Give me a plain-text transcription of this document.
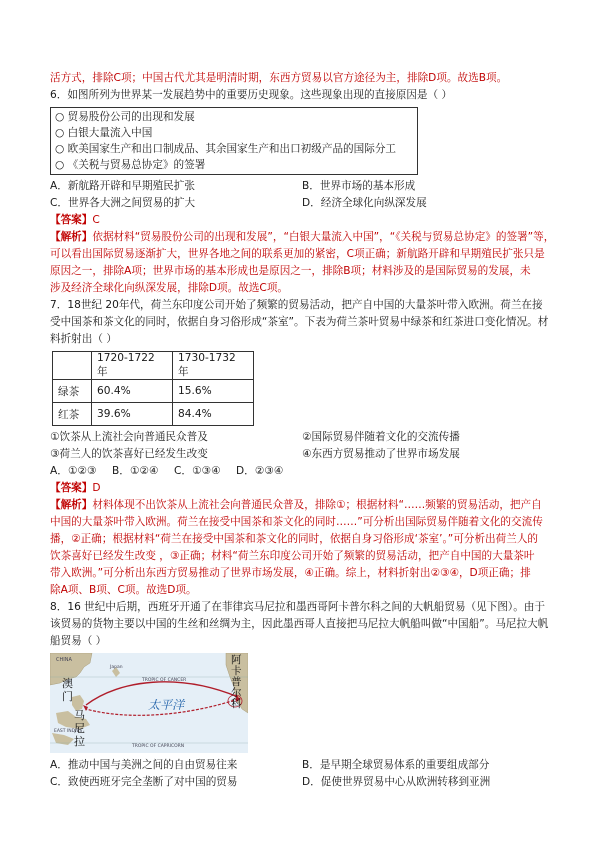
活方式，排除C项；中国古代尤其是明清时期，东西方贸易以官方途径为主，排除D项。故选B项。
6．如图所列为世界某一发展趋势中的重要历史现象。这些现象出现的直接原因是（ ）
○ 贸易股份公司的出现和发展
○ 白银大量流入中国
○ 欧美国家生产和出口制成品、其余国家生产和出口初级产品的国际分工
○ 《关税与贸易总协定》的签署
A．新航路开辟和早期殖民扩张	B．世界市场的基本形成
C．世界各大洲之间贸易的扩大	D．经济全球化向纵深发展
【答案】C
【解析】依据材料“贸易股份公司的出现和发展”，“白银大量流入中国”，“《关税与贸易总协定》的签署”等，
可以看出国际贸易逐渐扩大，世界各地之间的联系更加的紧密，C项正确；新航路开辟和早期殖民扩张只是
原因之一，排除A项；世界市场的基本形成也是原因之一，排除B项；材料涉及的是国际贸易的发展，未
涉及经济全球化向纵深发展，排除D项。故选C项。
7．18世纪 20年代，荷兰东印度公司开始了频繁的贸易活动，把产自中国的大量茶叶带入欧洲。荷兰在接
受中国茶和茶文化的同时，依据自身习俗形成“茶室”。下表为荷兰茶叶贸易中绿茶和红茶进口变化情况。材
料折射出（ ）
	1720-1722 年	1730-1732 年
绿茶	60.4%	15.6%
红茶	39.6%	84.4%
①饮茶从上流社会向普通民众普及	②国际贸易伴随着文化的交流传播
③荷兰人的饮茶喜好已经发生改变	④东西方贸易推动了世界市场发展
A．①②③ B．①②④ C．①③④ D．②③④
【答案】D
【解析】材料体现不出饮茶从上流社会向普通民众普及，排除①；根据材料“……频繁的贸易活动，把产自
中国的大量茶叶带入欧洲。荷兰在接受中国茶和茶文化的同时……”可分析出国际贸易伴随着文化的交流传
播，②正确；根据材料“荷兰在接受中国茶和茶文化的同时，依据自身习俗形成‘茶室’。”可分析出荷兰人的
饮茶喜好已经发生改变 ，③正确；材料“荷兰东印度公司开始了频繁的贸易活动，把产自中国的大量茶叶
带入欧洲。”可分析出东西方贸易推动了世界市场发展，④正确。综上，材料折射出②③④，D项正确；排
除A项、B项、C项。故选D项。
8．16 世纪中后期，西班牙开通了在菲律宾马尼拉和墨西哥阿卡普尔科之间的大帆船贸易（见下图）。由于
该贸易的货物主要以中国的生丝和丝绸为主，因此墨西哥人直接把马尼拉大帆船叫做“中国船”。马尼拉大帆
船贸易（ ）
CHINA
Japan
TROPIC OF CANCER
TROPIC OF CAPRICORN
EAST INDIES
澳门
马尼拉
阿卡普尔科
太平洋
A．推动中国与美洲之间的自由贸易往来	B．是早期全球贸易体系的重要组成部分
C．致使西班牙完全垄断了对中国的贸易	D．促使世界贸易中心从欧洲转移到亚洲
